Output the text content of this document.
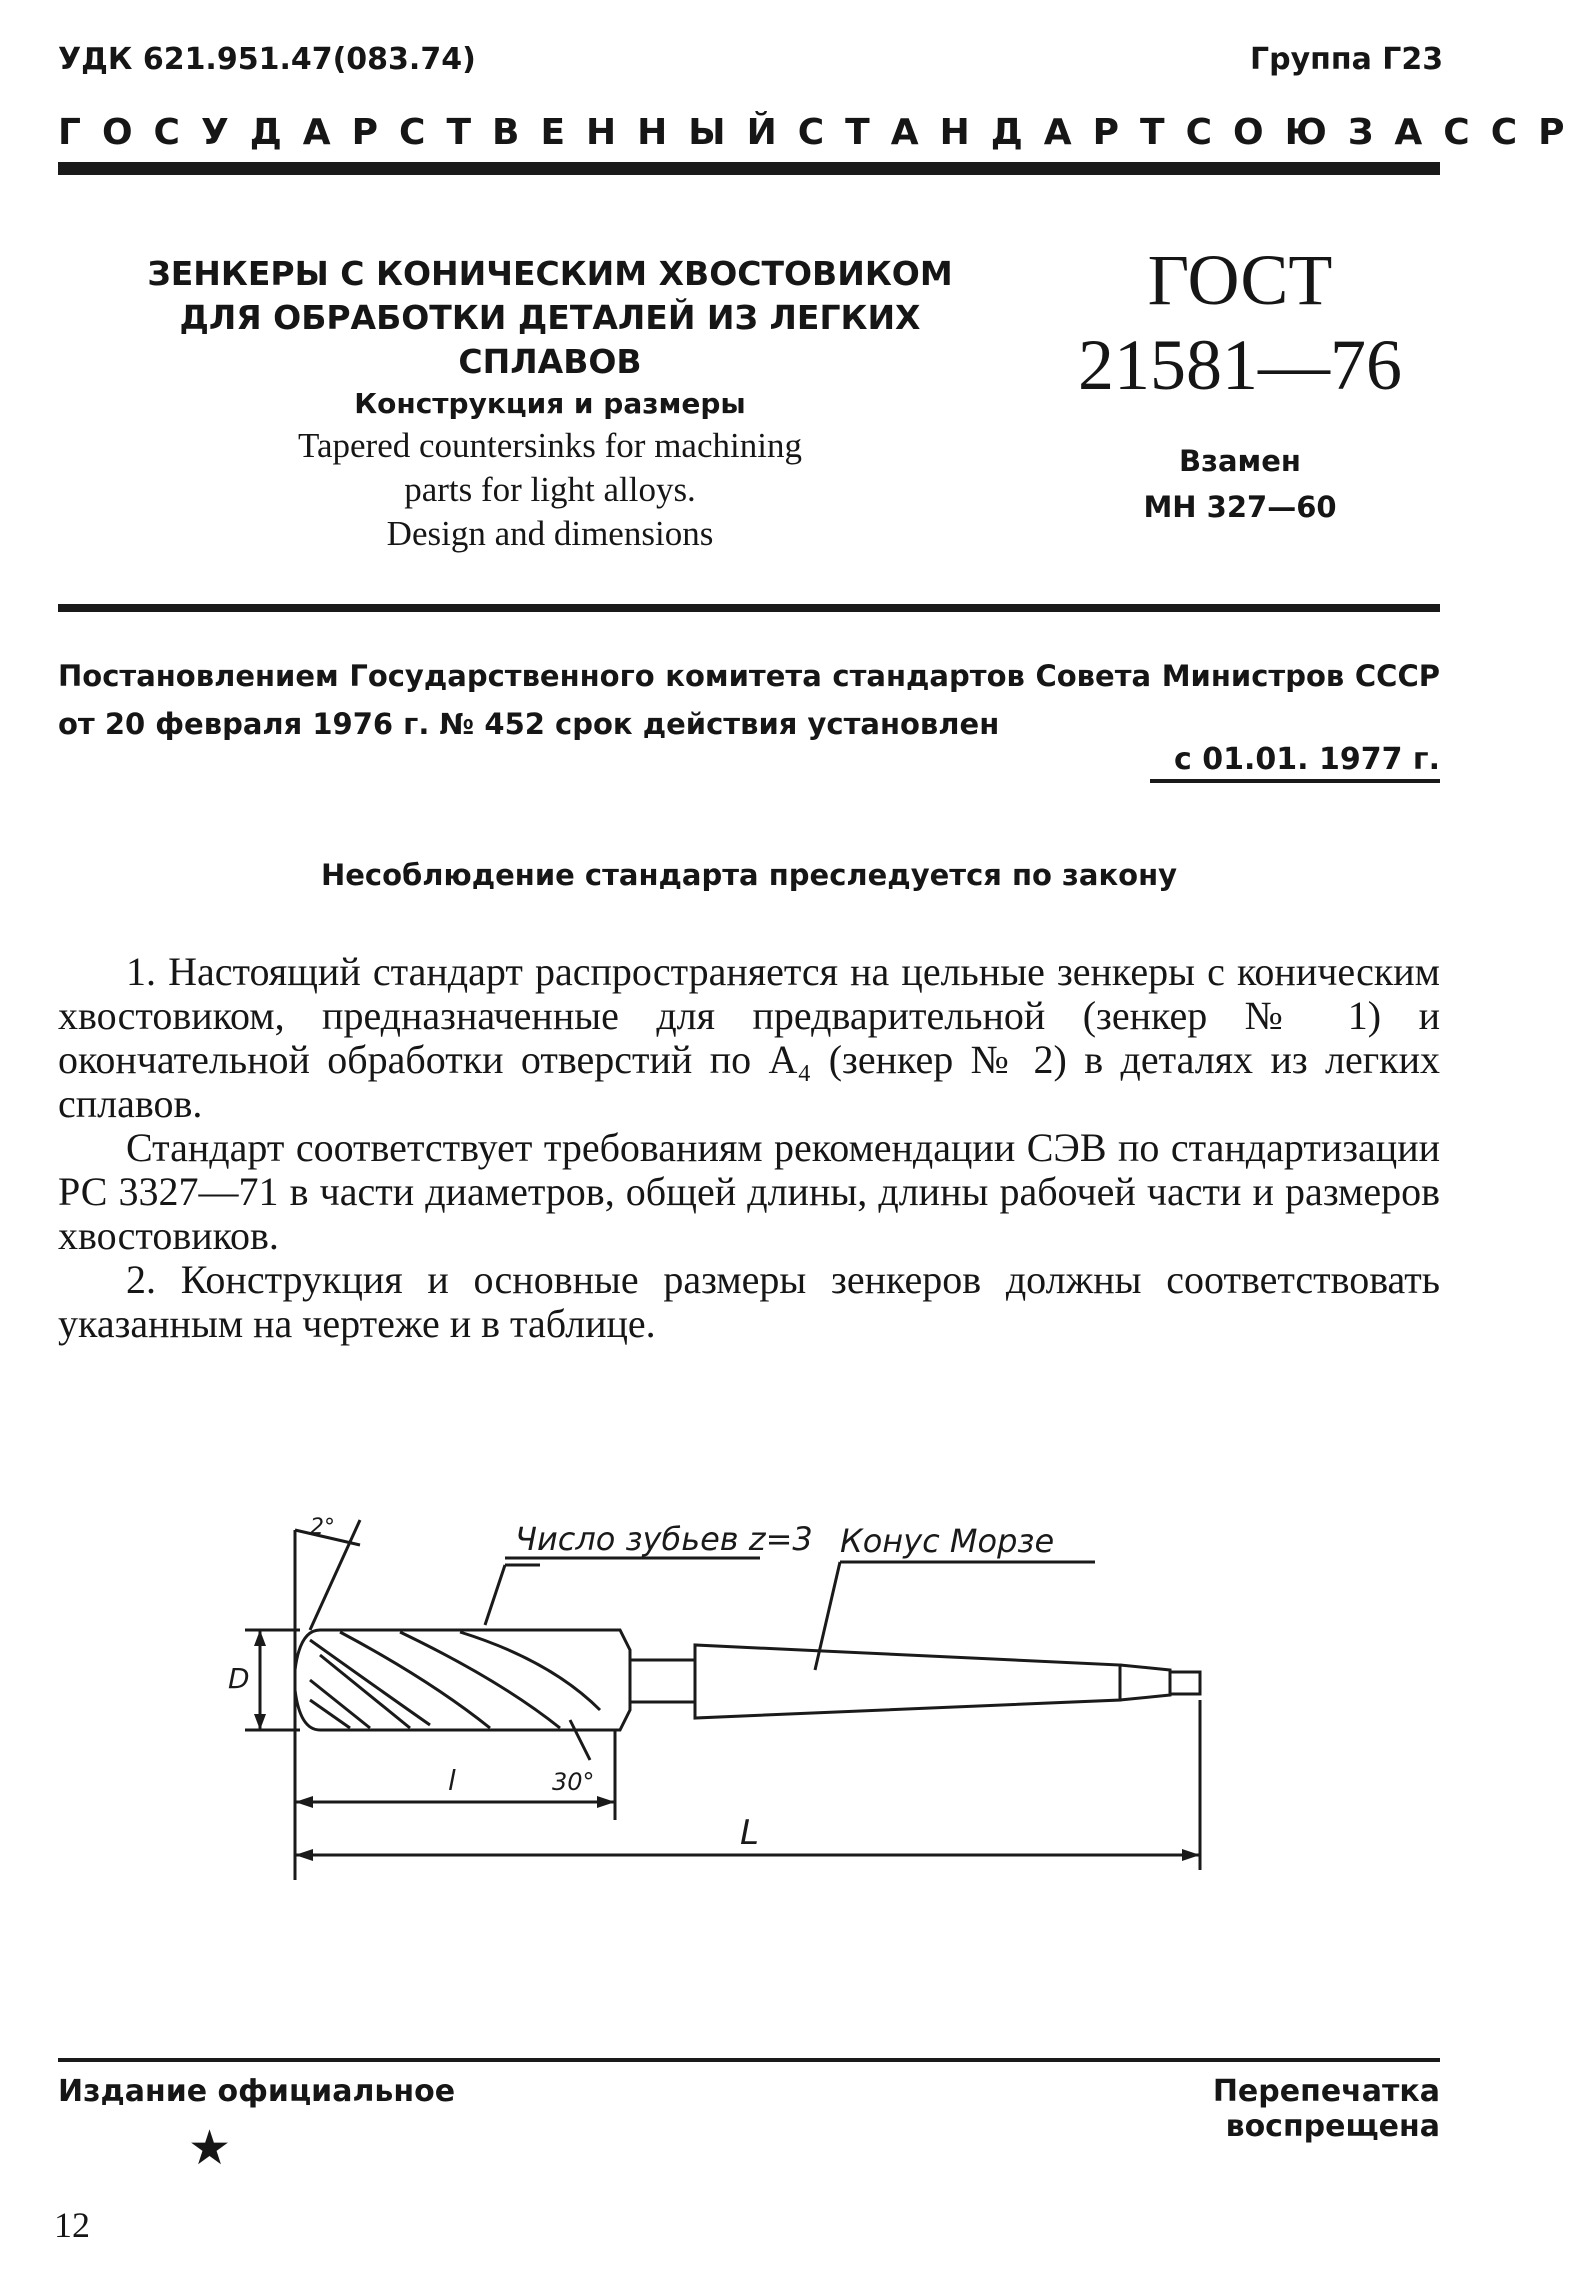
УДК 621.951.47(083.74)	Группа Г23
ГОСУДАРСТВЕННЫЙ СТАНДАРТ СОЮЗА ССР
ЗЕНКЕРЫ С КОНИЧЕСКИМ ХВОСТОВИКОМ
ДЛЯ ОБРАБОТКИ ДЕТАЛЕЙ ИЗ ЛЕГКИХ СПЛАВОВ
Конструкция и размеры
Tapered countersinks for machining
parts for light alloys.
Design and dimensions
ГОСТ
21581—76
Взамен
МН 327—60
Постановлением Государственного комитета стандартов Совета Министров СССР от 20 февраля 1976 г. № 452 срок действия установлен
с 01.01. 1977 г.
Несоблюдение стандарта преследуется по закону

1. Настоящий стандарт распространяется на цельные зенкеры с коническим хвостовиком, предназначенные для предварительной (зенкер № 1) и окончательной обработки отверстий по A₄ (зенкер № 2) в деталях из легких сплавов.

Стандарт соответствует требованиям рекомендации СЭВ по стандартизации РС 3327—71 в части диаметров, общей длины, длины рабочей части и размеров хвостовиков.

2. Конструкция и основные размеры зенкеров должны соответствовать указанным на чертеже и в таблице.

Число зубьев z=3 Конус Морзе
30°
2°
D
l
L
Издание официальное	Перепечатка воспрещена
★
12
